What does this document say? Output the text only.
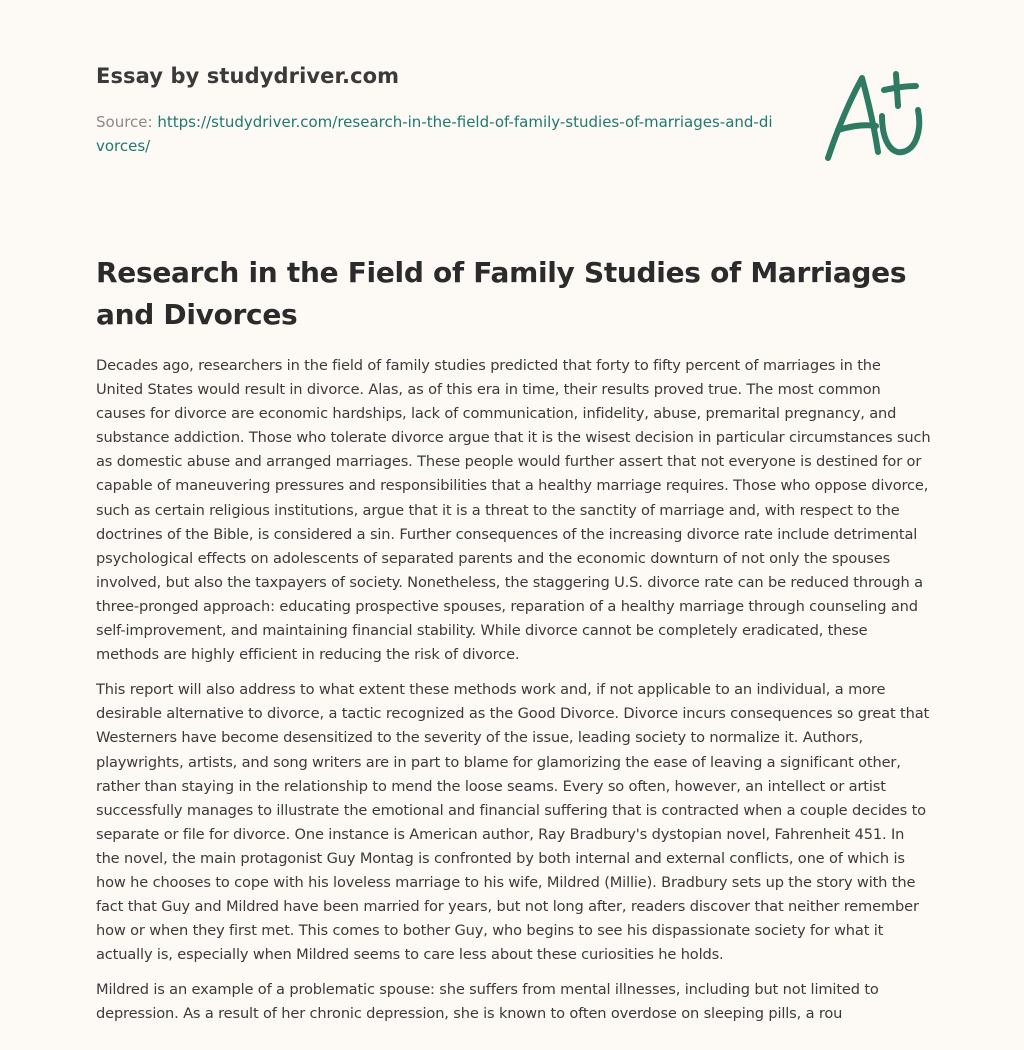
Essay by studydriver.com
Source: https://studydriver.com/research-in-the-field-of-family-studies-of-marriages-and-divorces/
Research in the Field of Family Studies of Marriages and Divorces

Decades ago, researchers in the field of family studies predicted that forty to fifty percent of marriages in the United States would result in divorce. Alas, as of this era in time, their results proved true. The most common causes for divorce are economic hardships, lack of communication, infidelity, abuse, premarital pregnancy, and substance addiction. Those who tolerate divorce argue that it is the wisest decision in particular circumstances such as domestic abuse and arranged marriages. These people would further assert that not everyone is destined for or capable of maneuvering pressures and responsibilities that a healthy marriage requires. Those who oppose divorce, such as certain religious institutions, argue that it is a threat to the sanctity of marriage and, with respect to the doctrines of the Bible, is considered a sin. Further consequences of the increasing divorce rate include detrimental psychological effects on adolescents of separated parents and the economic downturn of not only the spouses involved, but also the taxpayers of society. Nonetheless, the staggering U.S. divorce rate can be reduced through a three-pronged approach: educating prospective spouses, reparation of a healthy marriage through counseling and self-improvement, and maintaining financial stability. While divorce cannot be completely eradicated, these methods are highly efficient in reducing the risk of divorce.

This report will also address to what extent these methods work and, if not applicable to an individual, a more desirable alternative to divorce, a tactic recognized as the Good Divorce. Divorce incurs consequences so great that Westerners have become desensitized to the severity of the issue, leading society to normalize it. Authors, playwrights, artists, and song writers are in part to blame for glamorizing the ease of leaving a significant other, rather than staying in the relationship to mend the loose seams. Every so often, however, an intellect or artist successfully manages to illustrate the emotional and financial suffering that is contracted when a couple decides to separate or file for divorce. One instance is American author, Ray Bradbury's dystopian novel, Fahrenheit 451. In the novel, the main protagonist Guy Montag is confronted by both internal and external conflicts, one of which is how he chooses to cope with his loveless marriage to his wife, Mildred (Millie). Bradbury sets up the story with the fact that Guy and Mildred have been married for years, but not long after, readers discover that neither remember how or when they first met. This comes to bother Guy, who begins to see his dispassionate society for what it actually is, especially when Mildred seems to care less about these curiosities he holds.

Mildred is an example of a problematic spouse: she suffers from mental illnesses, including but not limited to depression. As a result of her chronic depression, she is known to often overdose on sleeping pills, a rou
